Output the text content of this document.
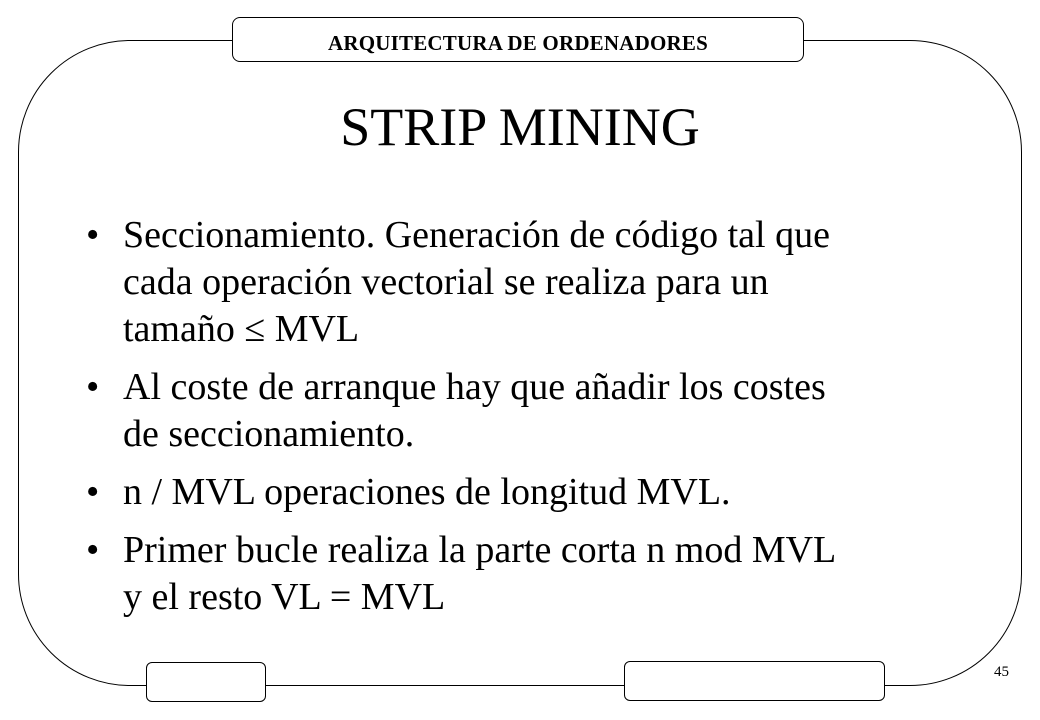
ARQUITECTURA DE ORDENADORES
STRIP MINING
• Seccionamiento. Generación de código tal que
cada operación vectorial se realiza para un
tamaño ≤ MVL
• Al coste de arranque hay que añadir los costes
de seccionamiento.
• n / MVL operaciones de longitud MVL.
• Primer bucle realiza la parte corta n mod MVL
y el resto VL = MVL
45
